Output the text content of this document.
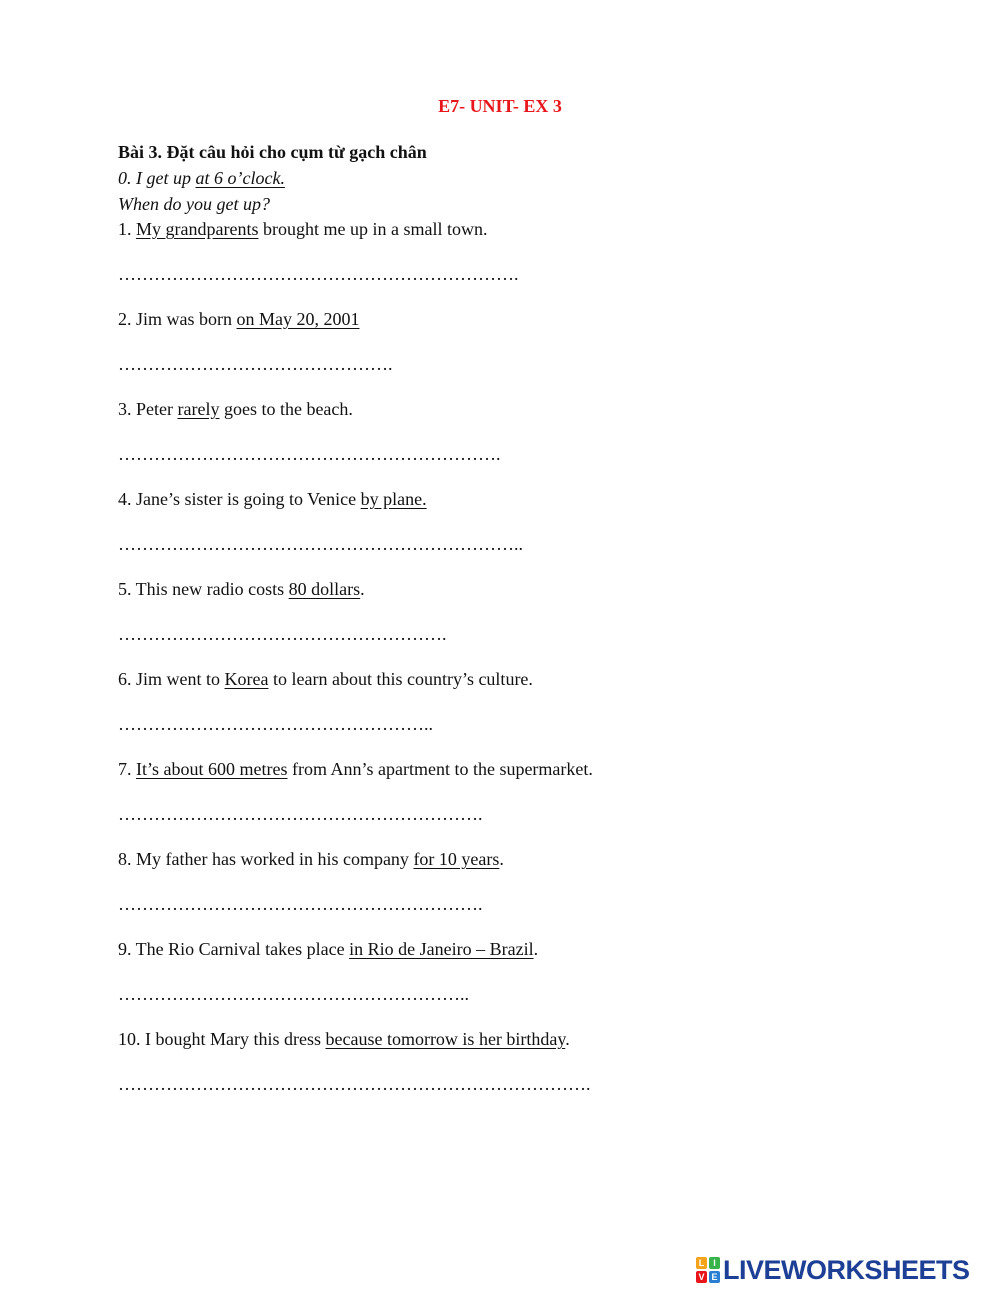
E7- UNIT- EX 3
Bài 3. Đặt câu hỏi cho cụm từ gạch chân
0. I get up at 6 o’clock.
When do you get up?
1. My grandparents brought me up in a small town.
………………………………………………………….
2. Jim was born on May 20, 2001
……………………………………….
3. Peter rarely goes to the beach.
……………………………………………………….
4. Jane’s sister is going to Venice by plane.
…………………………………………………………..
5. This new radio costs 80 dollars.
……………………………………………….
6. Jim went to Korea to learn about this country’s culture.
……………………………………………..
7. It’s about 600 metres from Ann’s apartment to the supermarket.
…………………………………………………….
8. My father has worked in his company for 10 years.
…………………………………………………….
9. The Rio Carnival takes place in Rio de Janeiro – Brazil.
…………………………………………………..
10. I bought Mary this dress because tomorrow is her birthday.
…………………………………………………………………….
L I
V E LIVEWORKSHEETS
